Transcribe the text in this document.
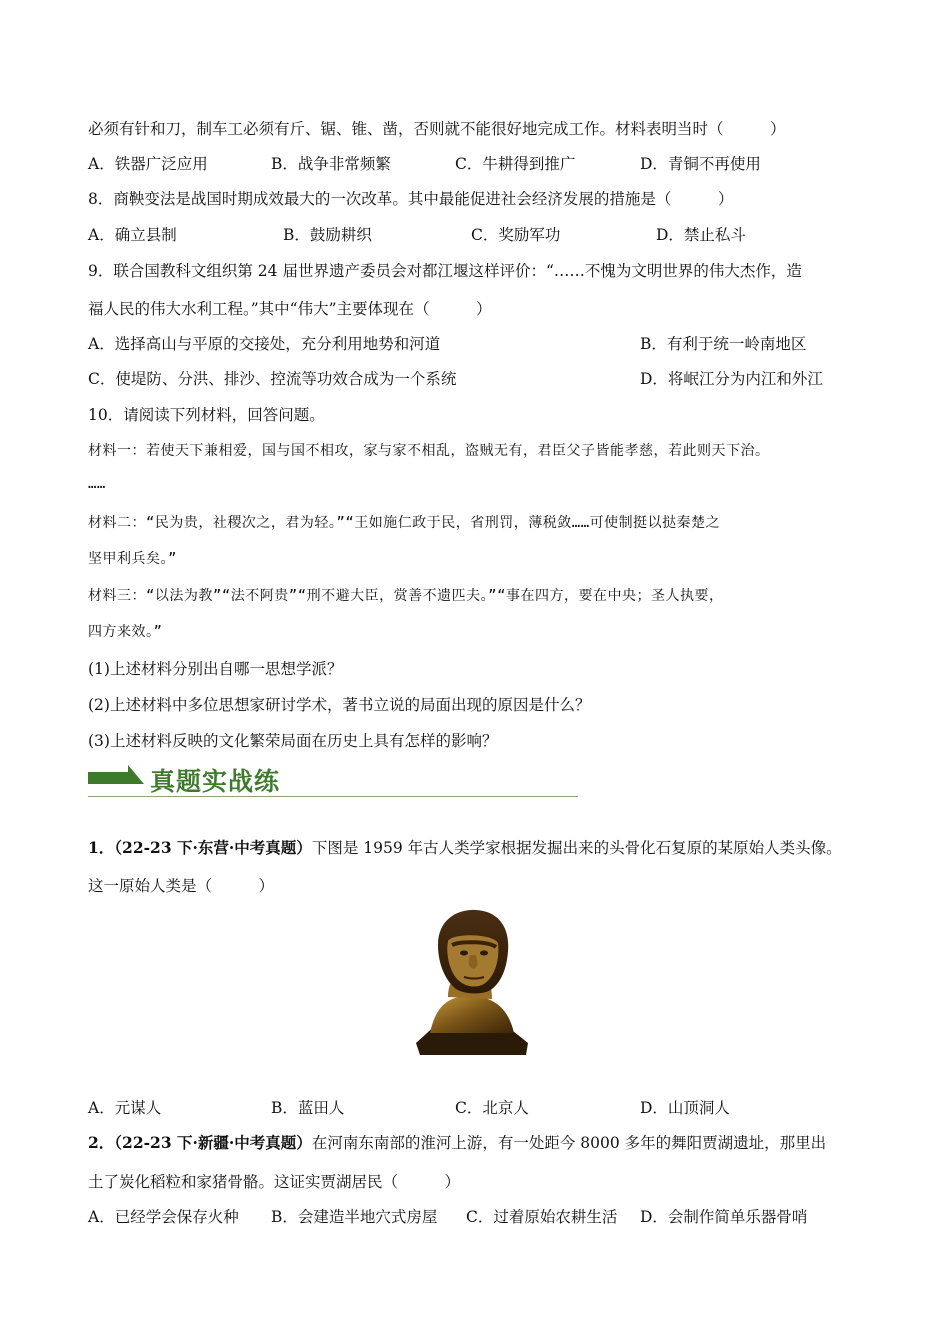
必须有针和刀，制车工必须有斤、锯、锥、凿，否则就不能很好地完成工作。材料表明当时（　　　）
A．铁器广泛应用	B．战争非常频繁	C．牛耕得到推广	D．青铜不再使用
8．商鞅变法是战国时期成效最大的一次改革。其中最能促进社会经济发展的措施是（　　　）
A．确立县制	B．鼓励耕织	C．奖励军功	D．禁止私斗
9．联合国教科文组织第 24 届世界遗产委员会对都江堰这样评价：“……不愧为文明世界的伟大杰作，造
福人民的伟大水利工程。”其中“伟大”主要体现在（　　　）
A．选择高山与平原的交接处，充分利用地势和河道	B．有利于统一岭南地区
C．使堤防、分洪、排沙、控流等功效合成为一个系统	D．将岷江分为内江和外江
10．请阅读下列材料，回答问题。
材料一：若使天下兼相爱，国与国不相攻，家与家不相乱，盗贼无有，君臣父子皆能孝慈，若此则天下治。
……
材料二：“民为贵，社稷次之，君为轻。”“王如施仁政于民，省刑罚，薄税敛……可使制挺以挞秦楚之
坚甲利兵矣。”
材料三：“以法为教”“法不阿贵”“刑不避大臣，赏善不遗匹夫。”“事在四方，要在中央；圣人执要，
四方来效。”
(1)上述材料分别出自哪一思想学派？
(2)上述材料中多位思想家研讨学术，著书立说的局面出现的原因是什么？
(3)上述材料反映的文化繁荣局面在历史上具有怎样的影响？
真题实战练
1．（22-23 下·东营·中考真题）下图是 1959 年古人类学家根据发掘出来的头骨化石复原的某原始人类头像。
这一原始人类是（　　　）
A．元谋人	B．蓝田人	C．北京人	D．山顶洞人
2．（22-23 下·新疆·中考真题）在河南东南部的淮河上游，有一处距今 8000 多年的舞阳贾湖遗址，那里出
土了炭化稻粒和家猪骨骼。这证实贾湖居民（　　　）
A．已经学会保存火种 B．会建造半地穴式房屋 C．过着原始农耕生活 D．会制作简单乐器骨哨
